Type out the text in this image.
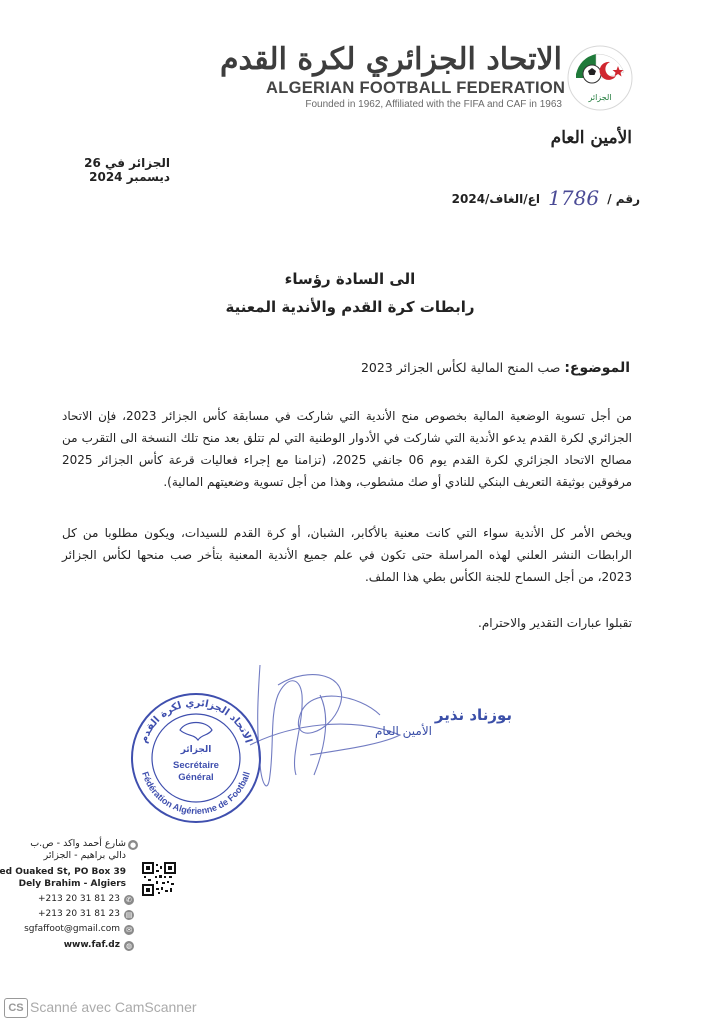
الجزائر
الاتحاد الجزائري لكرة القدم
ALGERIAN FOOTBALL FEDERATION
Founded in 1962, Affiliated with the FIFA and CAF in 1963
الأمين العام
الجزائر في 26 ديسمبر 2024
رقم / 1786 اع/الغاف/2024
الى السادة رؤساء
رابطات كرة القدم والأندية المعنية
الموضوع: صب المنح المالية لكأس الجزائر 2023
من أجل تسوية الوضعية المالية بخصوص منح الأندية التي شاركت في مسابقة كأس الجزائر 2023، فإن الاتحاد الجزائري لكرة القدم يدعو الأندية التي شاركت في الأدوار الوطنية التي لم تتلق بعد منح تلك النسخة الى التقرب من مصالح الاتحاد الجزائري لكرة القدم يوم 06 جانفي 2025، (تزامنا مع إجراء فعاليات قرعة كأس الجزائر 2025 مرفوقين بوثيقة التعريف البنكي للنادي أو صك مشطوب، وهذا من أجل تسوية وضعيتهم المالية).
ويخص الأمر كل الأندية سواء التي كانت معنية بالأكابر، الشبان، أو كرة القدم للسيدات، ويكون مطلوبا من كل الرابطات النشر العلني لهذه المراسلة حتى تكون في علم جميع الأندية المعنية بتأخر صب منحها لكأس الجزائر 2023، من أجل السماح للجنة الكأس بطي هذا الملف.
تقبلوا عبارات التقدير والاحترام.
بوزناد نذير
الأمين العام
الاتحاد الجزائري لكرة القدم
Fédération Algérienne de Football
الجزائر
Secrétaire
Général
شارع أحمد واكد - ص.ب
دالي براهيم - الجزائر
ed Ouaked St, PO Box 39
Dely Brahim - Algiers
+213 20 31 81 23
+213 20 31 81 23
sgfaffoot@gmail.com
www.faf.dz
●
✆
▤
✉
◍
CS Scanné avec CamScanner
